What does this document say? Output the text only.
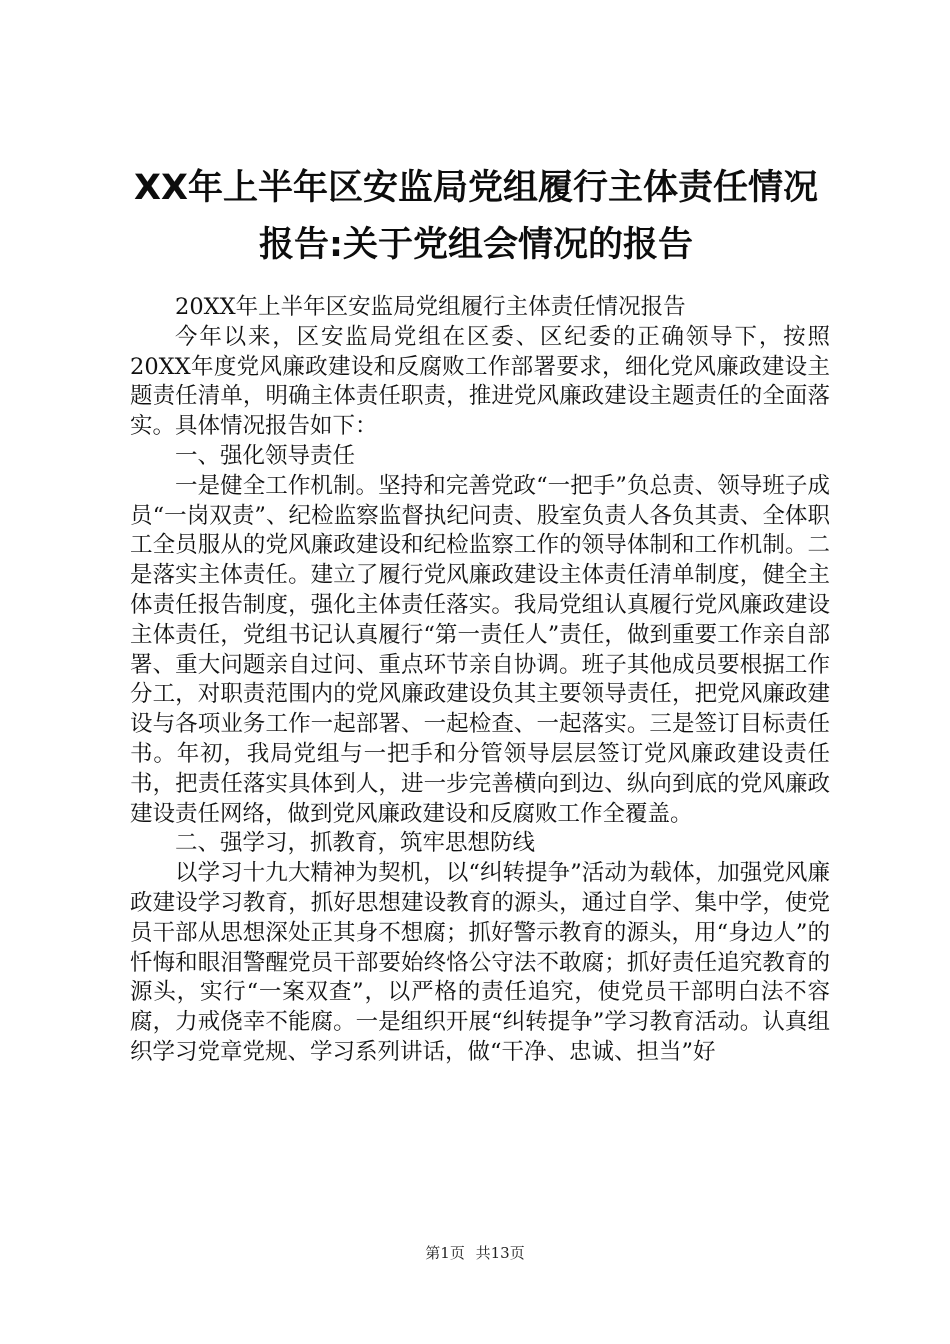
XX年上半年区安监局党组履行主体责任情况报告:关于党组会情况的报告

20XX年上半年区安监局党组履行主体责任情况报告

今年以来，区安监局党组在区委、区纪委的正确领导下，按照20XX年度党风廉政建设和反腐败工作部署要求，细化党风廉政建设主题责任清单，明确主体责任职责，推进党风廉政建设主题责任的全面落实。具体情况报告如下：

一、强化领导责任

一是健全工作机制。坚持和完善党政“一把手”负总责、领导班子成员“一岗双责”、纪检监察监督执纪问责、股室负责人各负其责、全体职工全员服从的党风廉政建设和纪检监察工作的领导体制和工作机制。二是落实主体责任。建立了履行党风廉政建设主体责任清单制度，健全主体责任报告制度，强化主体责任落实。我局党组认真履行党风廉政建设主体责任，党组书记认真履行“第一责任人”责任，做到重要工作亲自部署、重大问题亲自过问、重点环节亲自协调。班子其他成员要根据工作分工，对职责范围内的党风廉政建设负其主要领导责任，把党风廉政建设与各项业务工作一起部署、一起检查、一起落实。三是签订目标责任书。年初，我局党组与一把手和分管领导层层签订党风廉政建设责任书，把责任落实具体到人，进一步完善横向到边、纵向到底的党风廉政建设责任网络，做到党风廉政建设和反腐败工作全覆盖。

二、强学习，抓教育，筑牢思想防线

以学习十九大精神为契机，以“纠转提争”活动为载体，加强党风廉政建设学习教育，抓好思想建设教育的源头，通过自学、集中学，使党员干部从思想深处正其身不想腐；抓好警示教育的源头，用“身边人”的忏悔和眼泪警醒党员干部要始终恪公守法不敢腐；抓好责任追究教育的源头，实行“一案双查”，以严格的责任追究，使党员干部明白法不容腐，力戒侥幸不能腐。一是组织开展“纠转提争”学习教育活动。认真组织学习党章党规、学习系列讲话，做“干净、忠诚、担当”好

第1页 共13页
